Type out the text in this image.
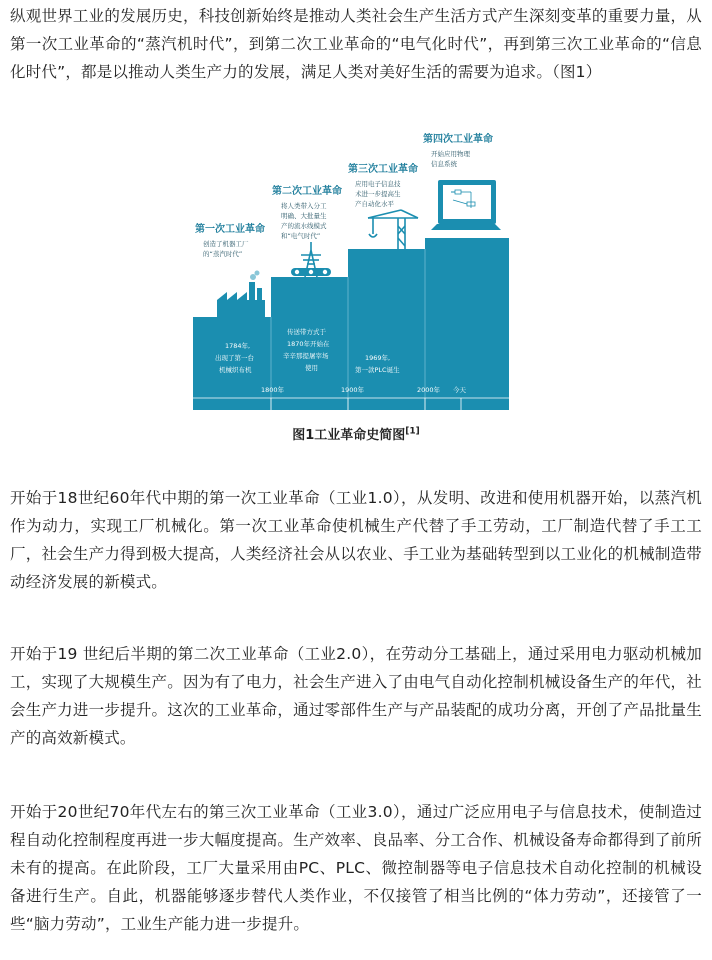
纵观世界工业的发展历史，科技创新始终是推动人类社会生产生活方式产生深刻变革的重要力量，从第一次工业革命的“蒸汽机时代”，到第二次工业革命的“电气化时代”，再到第三次工业革命的“信息化时代”，都是以推动人类生产力的发展，满足人类对美好生活的需要为追求。（图1）

1800年	1900年	2000年 今天
第一次工业革命
创造了机器工厂
的“蒸汽时代”
第二次工业革命
将人类带入分工
明确、大批量生
产的流水线模式
和“电气时代”
第三次工业革命
应用电子信息技
术进一步提高生
产自动化水平
第四次工业革命
开始应用物理
信息系统
1784年,
出现了第一台
机械织布机
传送带方式于
1870年开始在
辛辛那提屠宰场
使用
1969年,
第一款PLC诞生
图1工业革命史简图[1]

开始于18世纪60年代中期的第一次工业革命（工业1.0），从发明、改进和使用机器开始，以蒸汽机作为动力，实现工厂机械化。第一次工业革命使机械生产代替了手工劳动，工厂制造代替了手工工厂，社会生产力得到极大提高，人类经济社会从以农业、手工业为基础转型到以工业化的机械制造带动经济发展的新模式。

开始于19 世纪后半期的第二次工业革命（工业2.0），在劳动分工基础上，通过采用电力驱动机械加工，实现了大规模生产。因为有了电力，社会生产进入了由电气自动化控制机械设备生产的年代，社会生产力进一步提升。这次的工业革命，通过零部件生产与产品装配的成功分离，开创了产品批量生产的高效新模式。

开始于20世纪70年代左右的第三次工业革命（工业3.0），通过广泛应用电子与信息技术，使制造过程自动化控制程度再进一步大幅度提高。生产效率、良品率、分工合作、机械设备寿命都得到了前所未有的提高。在此阶段，工厂大量采用由PC、PLC、微控制器等电子信息技术自动化控制的机械设备进行生产。自此，机器能够逐步替代人类作业，不仅接管了相当比例的“体力劳动”，还接管了一些“脑力劳动”，工业生产能力进一步提升。
